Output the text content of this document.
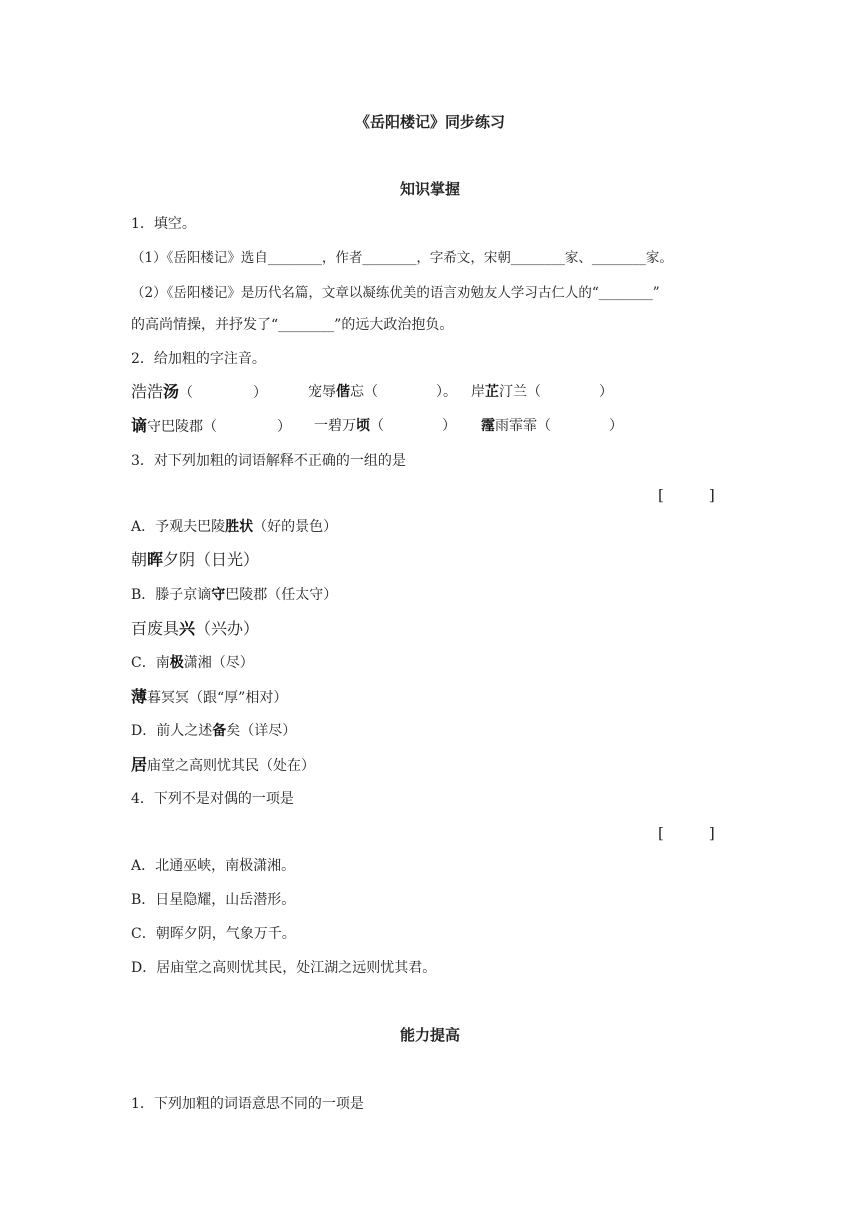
《岳阳楼记》同步练习
知识掌握
1．填空。
（1）《岳阳楼记》选自________，作者________，字希文，宋朝________家、________家。
（2）《岳阳楼记》是历代名篇，文章以凝练优美的语言劝勉友人学习古仁人的“________”
的高尚情操，并抒发了“________”的远大政治抱负。
2．给加粗的字注音。
浩浩汤（	）	宠辱偕忘（	）。 岸芷汀兰（	）
谪守巴陵郡（	） 一碧万顷（	） 霪雨霏霏（	）
3．对下列加粗的词语解释不正确的一组的是
[　　　]
A．予观夫巴陵胜状（好的景色）
朝晖夕阴（日光）
B．滕子京谪守巴陵郡（任太守）
百废具兴（兴办）
C．南极潇湘（尽）
薄暮冥冥（跟“厚”相对）
D．前人之述备矣（详尽）
居庙堂之高则忧其民（处在）
4．下列不是对偶的一项是
[　　　]
A．北通巫峡，南极潇湘。
B．日星隐耀，山岳潜形。
C．朝晖夕阴，气象万千。
D．居庙堂之高则忧其民，处江湖之远则忧其君。
能力提高
1．下列加粗的词语意思不同的一项是
